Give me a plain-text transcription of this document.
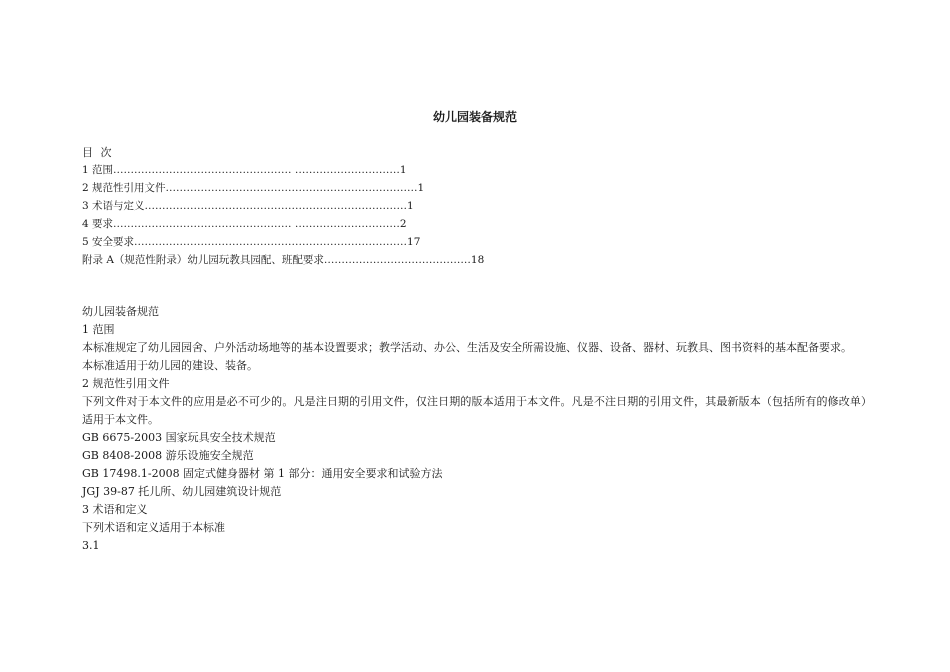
幼儿园装备规范
目 次
1 范围…………………………………………… …………………………1
2 规范性引用文件………………………………………………………………1
3 术语与定义…………………………………………………………………1
4 要求…………………………………………… …………………………2
5 安全要求……………………………………………………………………17
附录 A（规范性附录）幼儿园玩教具园配、班配要求……………………………………18

幼儿园装备规范

1 范围

本标准规定了幼儿园园舍、户外活动场地等的基本设置要求；教学活动、办公、生活及安全所需设施、仪器、设备、器材、玩教具、图书资料的基本配备要求。

本标准适用于幼儿园的建设、装备。

2 规范性引用文件

下列文件对于本文件的应用是必不可少的。凡是注日期的引用文件，仅注日期的版本适用于本文件。凡是不注日期的引用文件，其最新版本（包括所有的修改单）适用于本文件。

GB 6675-2003 国家玩具安全技术规范

GB 8408-2008 游乐设施安全规范

GB 17498.1-2008 固定式健身器材 第 1 部分：通用安全要求和试验方法

JGJ 39-87 托儿所、幼儿园建筑设计规范

3 术语和定义

下列术语和定义适用于本标准

3.1
